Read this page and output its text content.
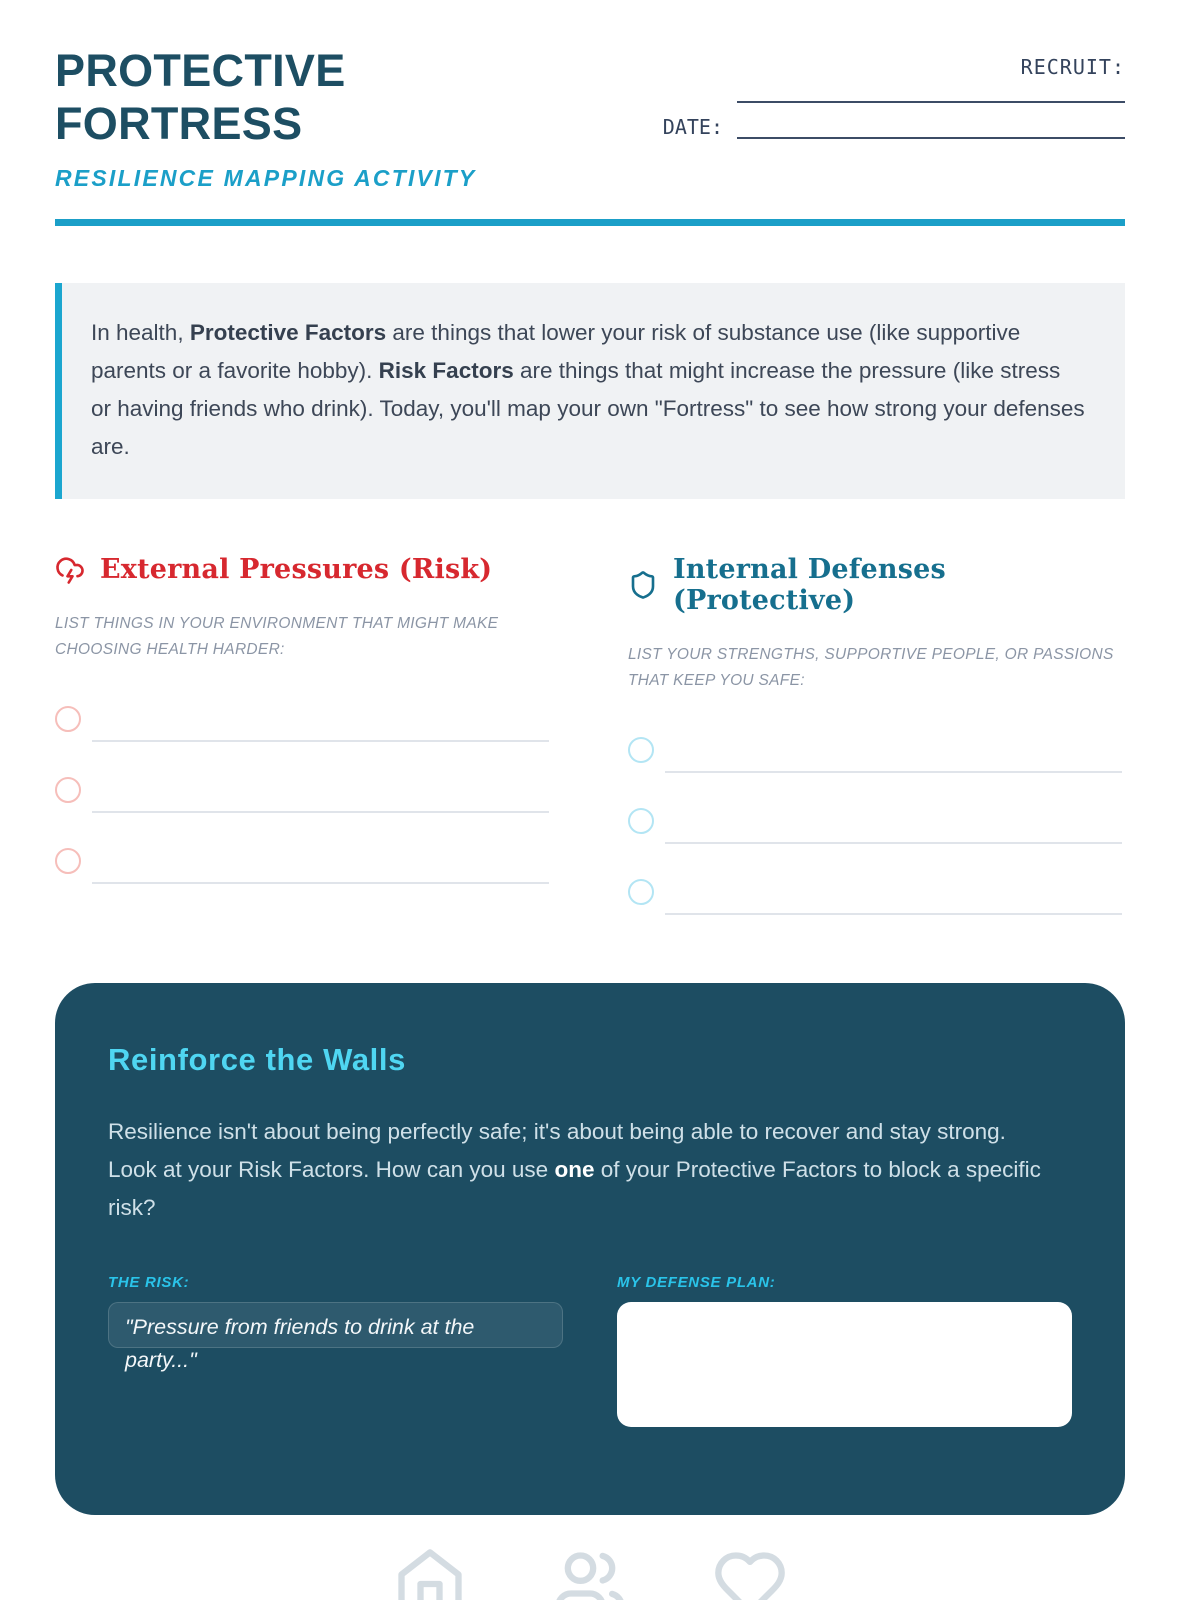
PROTECTIVE
FORTRESS
RESILIENCE MAPPING ACTIVITY
RECRUIT:
DATE:
In health, Protective Factors are things that lower your risk of substance use (like supportive parents or a favorite hobby). Risk Factors are things that might increase the pressure (like stress or having friends who drink). Today, you'll map your own "Fortress" to see how strong your defenses are.
External Pressures (Risk)
LIST THINGS IN YOUR ENVIRONMENT THAT MIGHT MAKE CHOOSING HEALTH HARDER:
Internal Defenses (Protective)
LIST YOUR STRENGTHS, SUPPORTIVE PEOPLE, OR PASSIONS THAT KEEP YOU SAFE:
Reinforce the Walls
Resilience isn't about being perfectly safe; it's about being able to recover and stay strong. Look at your Risk Factors. How can you use one of your Protective Factors to block a specific risk?
THE RISK:
"Pressure from friends to drink at the party..."
MY DEFENSE PLAN:
